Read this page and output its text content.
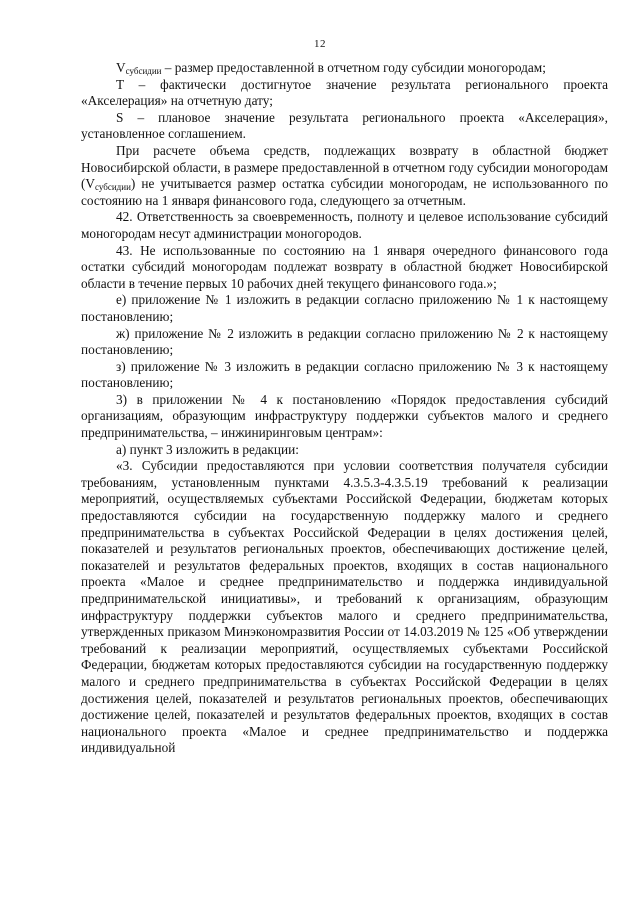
12

$V_{субсидии}$ – размер предоставленной в отчетном году субсидии моногородам;

T – фактически достигнутое значение результата регионального проекта «Акселерация» на отчетную дату;

S – плановое значение результата регионального проекта «Акселерация», установленное соглашением.

При расчете объема средств, подлежащих возврату в областной бюджет Новосибирской области, в размере предоставленной в отчетном году субсидии моногородам $(V_{субсидии})$ не учитывается размер остатка субсидии моногородам, не использованного по состоянию на 1 января финансового года, следующего за отчетным.

42. Ответственность за своевременность, полноту и целевое использование субсидий моногородам несут администрации моногородов.

43. Не использованные по состоянию на 1 января очередного финансового года остатки субсидий моногородам подлежат возврату в областной бюджет Новосибирской области в течение первых 10 рабочих дней текущего финансового года.»;

е) приложение № 1 изложить в редакции согласно приложению № 1 к настоящему постановлению;

ж) приложение № 2 изложить в редакции согласно приложению № 2 к настоящему постановлению;

з) приложение № 3 изложить в редакции согласно приложению № 3 к настоящему постановлению;

3) в приложении № 4 к постановлению «Порядок предоставления субсидий организациям, образующим инфраструктуру поддержки субъектов малого и среднего предпринимательства, – инжиниринговым центрам»:

а) пункт 3 изложить в редакции:

«3. Субсидии предоставляются при условии соответствия получателя субсидии требованиям, установленным пунктами 4.3.5.3-4.3.5.19 требований к реализации мероприятий, осуществляемых субъектами Российской Федерации, бюджетам которых предоставляются субсидии на государственную поддержку малого и среднего предпринимательства в субъектах Российской Федерации в целях достижения целей, показателей и результатов региональных проектов, обеспечивающих достижение целей, показателей и результатов федеральных проектов, входящих в состав национального проекта «Малое и среднее предпринимательство и поддержка индивидуальной предпринимательской инициативы», и требований к организациям, образующим инфраструктуру поддержки субъектов малого и среднего предпринимательства, утвержденных приказом Минэкономразвития России от 14.03.2019 № 125 «Об утверждении требований к реализации мероприятий, осуществляемых субъектами Российской Федерации, бюджетам которых предоставляются субсидии на государственную поддержку малого и среднего предпринимательства в субъектах Российской Федерации в целях достижения целей, показателей и результатов региональных проектов, обеспечивающих достижение целей, показателей и результатов федеральных проектов, входящих в состав национального проекта «Малое и среднее предпринимательство и поддержка индивидуальной
